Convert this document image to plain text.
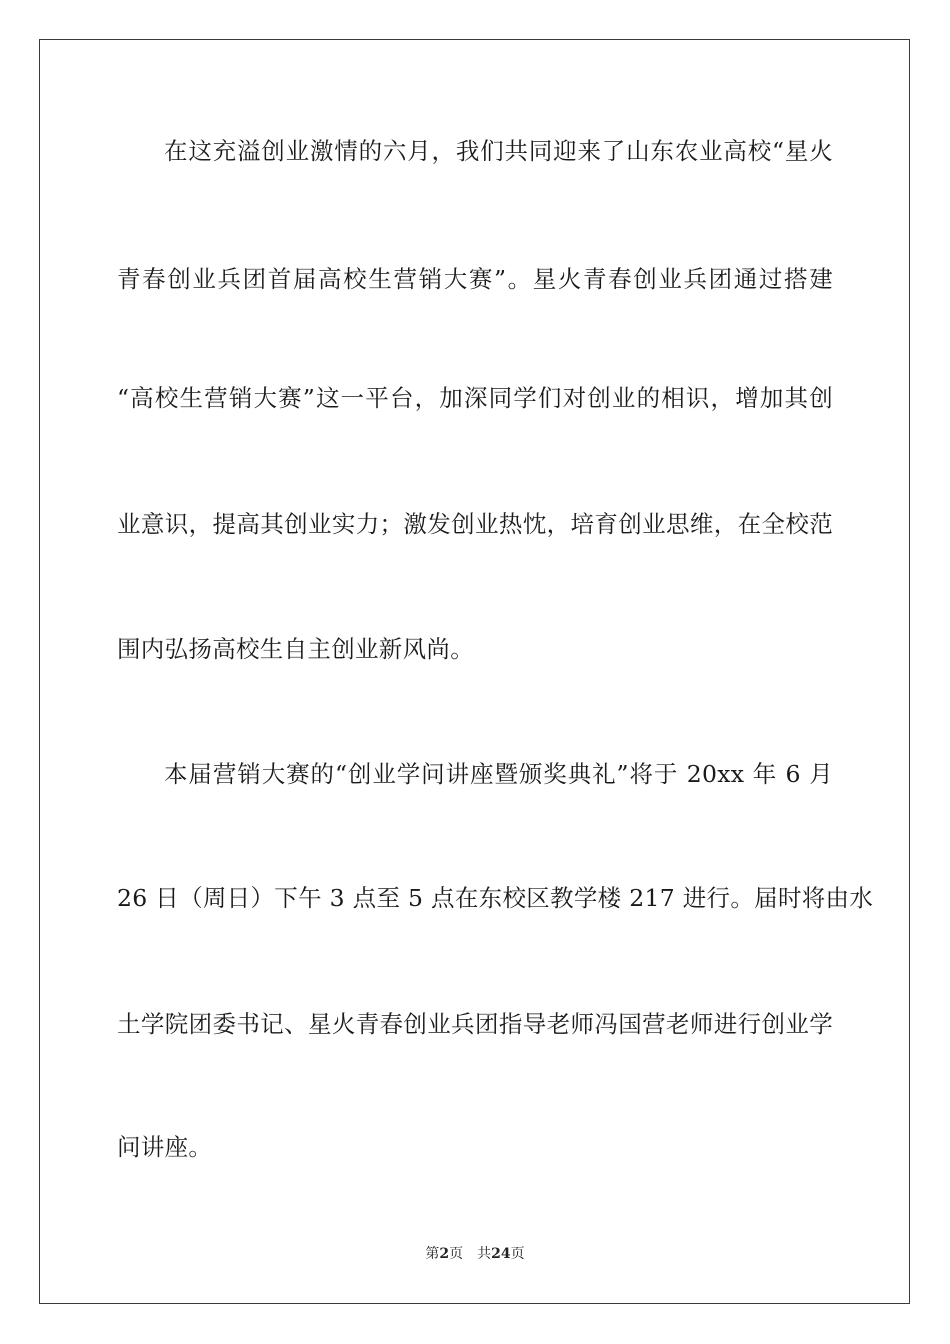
在这充溢创业激情的六月，我们共同迎来了山东农业高校“星火
青春创业兵团首届高校生营销大赛”。星火青春创业兵团通过搭建
“高校生营销大赛”这一平台，加深同学们对创业的相识，增加其创
业意识，提高其创业实力；激发创业热忱，培育创业思维，在全校范
围内弘扬高校生自主创业新风尚。
本届营销大赛的“创业学问讲座暨颁奖典礼”将于 20xx 年 6 月
26 日（周日）下午 3 点至 5 点在东校区教学楼 217 进行。届时将由水
土学院团委书记、星火青春创业兵团指导老师冯国营老师进行创业学
问讲座。
第2页 共24页
